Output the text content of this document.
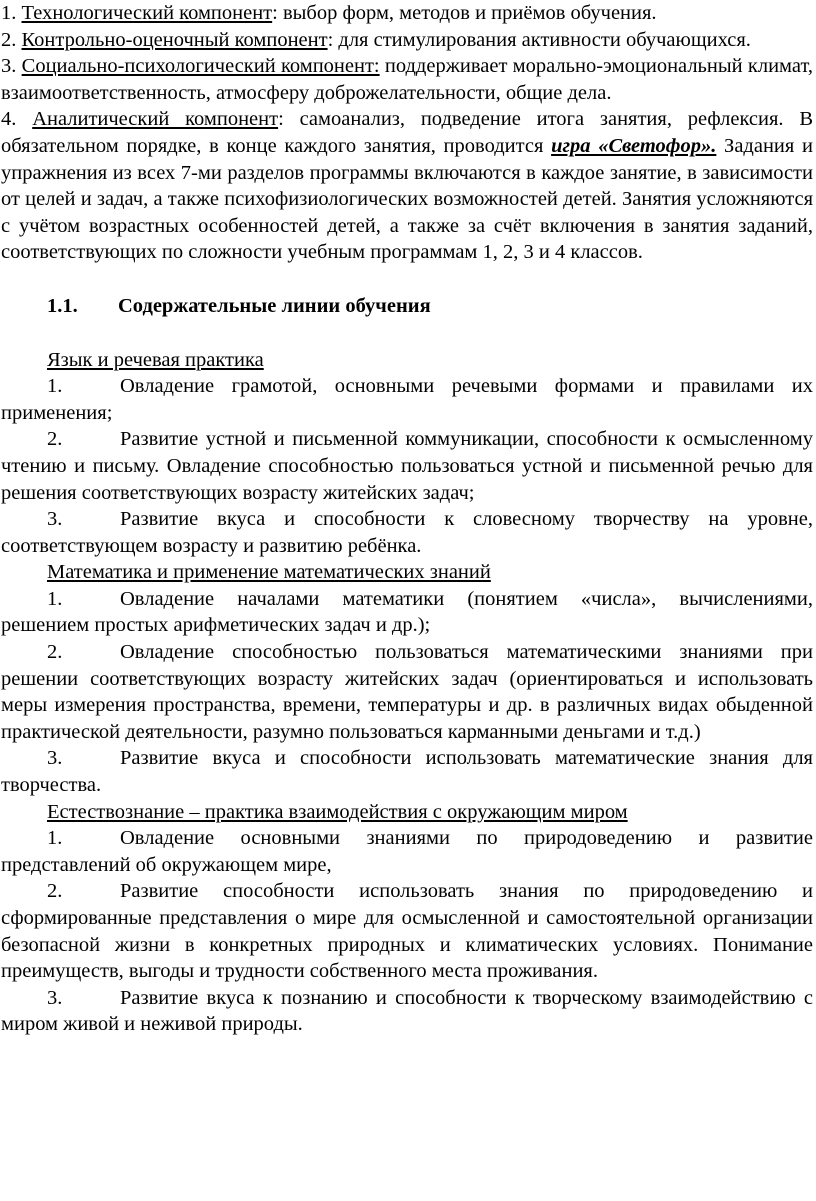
1. Технологический компонент: выбор форм, методов и приёмов обучения.

2. Контрольно-оценочный компонент: для стимулирования активности обучающихся.

3. Социально-психологический компонент: поддерживает морально-эмоциональный климат, взаимоответственность, атмосферу доброжелательности, общие дела.

4. Аналитический компонент: самоанализ, подведение итога занятия, рефлексия. В обязательном порядке, в конце каждого занятия, проводится игра «Светофор». Задания и упражнения из всех 7-ми разделов программы включаются в каждое занятие, в зависимости от целей и задач, а также психофизиологических возможностей детей. Занятия усложняются с учётом возрастных особенностей детей, а также за счёт включения в занятия заданий, соответствующих по сложности учебным программам 1, 2, 3 и 4 классов.

1.1. Содержательные линии обучения

Язык и речевая практика

1.	Овладение грамотой, основными речевыми формами и правилами их применения;

2.	Развитие устной и письменной коммуникации, способности к осмысленному чтению и письму. Овладение способностью пользоваться устной и письменной речью для решения соответствующих возрасту житейских задач;

3.	Развитие вкуса и способности к словесному творчеству на уровне, соответствующем возрасту и развитию ребёнка.

Математика и применение математических знаний

1.	Овладение началами математики (понятием «числа», вычислениями, решением простых арифметических задач и др.);

2.	Овладение способностью пользоваться математическими знаниями при решении соответствующих возрасту житейских задач (ориентироваться и использовать меры измерения пространства, времени, температуры и др. в различных видах обыденной практической деятельности, разумно пользоваться карманными деньгами и т.д.)

3.	Развитие вкуса и способности использовать математические знания для творчества.

Естествознание – практика взаимодействия с окружающим миром

1.	Овладение основными знаниями по природоведению и развитие представлений об окружающем мире,

2.	Развитие способности использовать знания по природоведению и сформированные представления о мире для осмысленной и самостоятельной организации безопасной жизни в конкретных природных и климатических условиях. Понимание преимуществ, выгоды и трудности собственного места проживания.

3.	Развитие вкуса к познанию и способности к творческому взаимодействию с миром живой и неживой природы.
